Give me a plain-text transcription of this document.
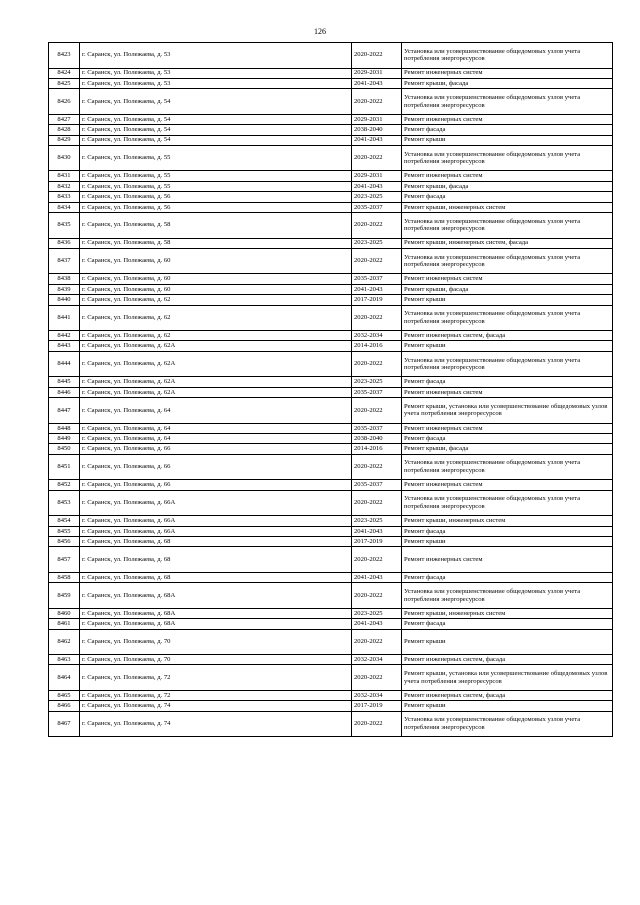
126
8423	г. Саранск, ул. Полежаева, д. 53	2020-2022	Установка или усовершенствование общедомовых узлов учета потребления энергоресурсов
8424	г. Саранск, ул. Полежаева, д. 53	2029-2031	Ремонт инженерных систем
8425	г. Саранск, ул. Полежаева, д. 53	2041-2043	Ремонт крыши, фасада
8426	г. Саранск, ул. Полежаева, д. 54	2020-2022	Установка или усовершенствование общедомовых узлов учета потребления энергоресурсов
8427	г. Саранск, ул. Полежаева, д. 54	2029-2031	Ремонт инженерных систем
8428	г. Саранск, ул. Полежаева, д. 54	2038-2040	Ремонт фасада
8429	г. Саранск, ул. Полежаева, д. 54	2041-2043	Ремонт крыши
8430	г. Саранск, ул. Полежаева, д. 55	2020-2022	Установка или усовершенствование общедомовых узлов учета потребления энергоресурсов
8431	г. Саранск, ул. Полежаева, д. 55	2029-2031	Ремонт инженерных систем
8432	г. Саранск, ул. Полежаева, д. 55	2041-2043	Ремонт крыши, фасада
8433	г. Саранск, ул. Полежаева, д. 56	2023-2025	Ремонт фасада
8434	г. Саранск, ул. Полежаева, д. 56	2035-2037	Ремонт крыши, инженерных систем
8435	г. Саранск, ул. Полежаева, д. 58	2020-2022	Установка или усовершенствование общедомовых узлов учета потребления энергоресурсов
8436	г. Саранск, ул. Полежаева, д. 58	2023-2025	Ремонт крыши, инженерных систем, фасада
8437	г. Саранск, ул. Полежаева, д. 60	2020-2022	Установка или усовершенствование общедомовых узлов учета потребления энергоресурсов
8438	г. Саранск, ул. Полежаева, д. 60	2035-2037	Ремонт инженерных систем
8439	г. Саранск, ул. Полежаева, д. 60	2041-2043	Ремонт крыши, фасада
8440	г. Саранск, ул. Полежаева, д. 62	2017-2019	Ремонт крыши
8441	г. Саранск, ул. Полежаева, д. 62	2020-2022	Установка или усовершенствование общедомовых узлов учета потребления энергоресурсов
8442	г. Саранск, ул. Полежаева, д. 62	2032-2034	Ремонт инженерных систем, фасада
8443	г. Саранск, ул. Полежаева, д. 62А	2014-2016	Ремонт крыши
8444	г. Саранск, ул. Полежаева, д. 62А	2020-2022	Установка или усовершенствование общедомовых узлов учета потребления энергоресурсов
8445	г. Саранск, ул. Полежаева, д. 62А	2023-2025	Ремонт фасада
8446	г. Саранск, ул. Полежаева, д. 62А	2035-2037	Ремонт инженерных систем
8447	г. Саранск, ул. Полежаева, д. 64	2020-2022	Ремонт крыши, установка или усовершенствование общедомовых узлов учета потребления энергоресурсов
8448	г. Саранск, ул. Полежаева, д. 64	2035-2037	Ремонт инженерных систем
8449	г. Саранск, ул. Полежаева, д. 64	2038-2040	Ремонт фасада
8450	г. Саранск, ул. Полежаева, д. 66	2014-2016	Ремонт крыши, фасада
8451	г. Саранск, ул. Полежаева, д. 66	2020-2022	Установка или усовершенствование общедомовых узлов учета потребления энергоресурсов
8452	г. Саранск, ул. Полежаева, д. 66	2035-2037	Ремонт инженерных систем
8453	г. Саранск, ул. Полежаева, д. 66А	2020-2022	Установка или усовершенствование общедомовых узлов учета потребления энергоресурсов
8454	г. Саранск, ул. Полежаева, д. 66А	2023-2025	Ремонт крыши, инженерных систем
8455	г. Саранск, ул. Полежаева, д. 66А	2041-2043	Ремонт фасада
8456	г. Саранск, ул. Полежаева, д. 68	2017-2019	Ремонт крыши
8457	г. Саранск, ул. Полежаева, д. 68	2020-2022	Ремонт инженерных систем
8458	г. Саранск, ул. Полежаева, д. 68	2041-2043	Ремонт фасада
8459	г. Саранск, ул. Полежаева, д. 68А	2020-2022	Установка или усовершенствование общедомовых узлов учета потребления энергоресурсов
8460	г. Саранск, ул. Полежаева, д. 68А	2023-2025	Ремонт крыши, инженерных систем
8461	г. Саранск, ул. Полежаева, д. 68А	2041-2043	Ремонт фасада
8462	г. Саранск, ул. Полежаева, д. 70	2020-2022	Ремонт крыши
8463	г. Саранск, ул. Полежаева, д. 70	2032-2034	Ремонт инженерных систем, фасада
8464	г. Саранск, ул. Полежаева, д. 72	2020-2022	Ремонт крыши, установка или усовершенствование общедомовых узлов учета потребления энергоресурсов
8465	г. Саранск, ул. Полежаева, д. 72	2032-2034	Ремонт инженерных систем, фасада
8466	г. Саранск, ул. Полежаева, д. 74	2017-2019	Ремонт крыши
8467	г. Саранск, ул. Полежаева, д. 74	2020-2022	Установка или усовершенствование общедомовых узлов учета потребления энергоресурсов
